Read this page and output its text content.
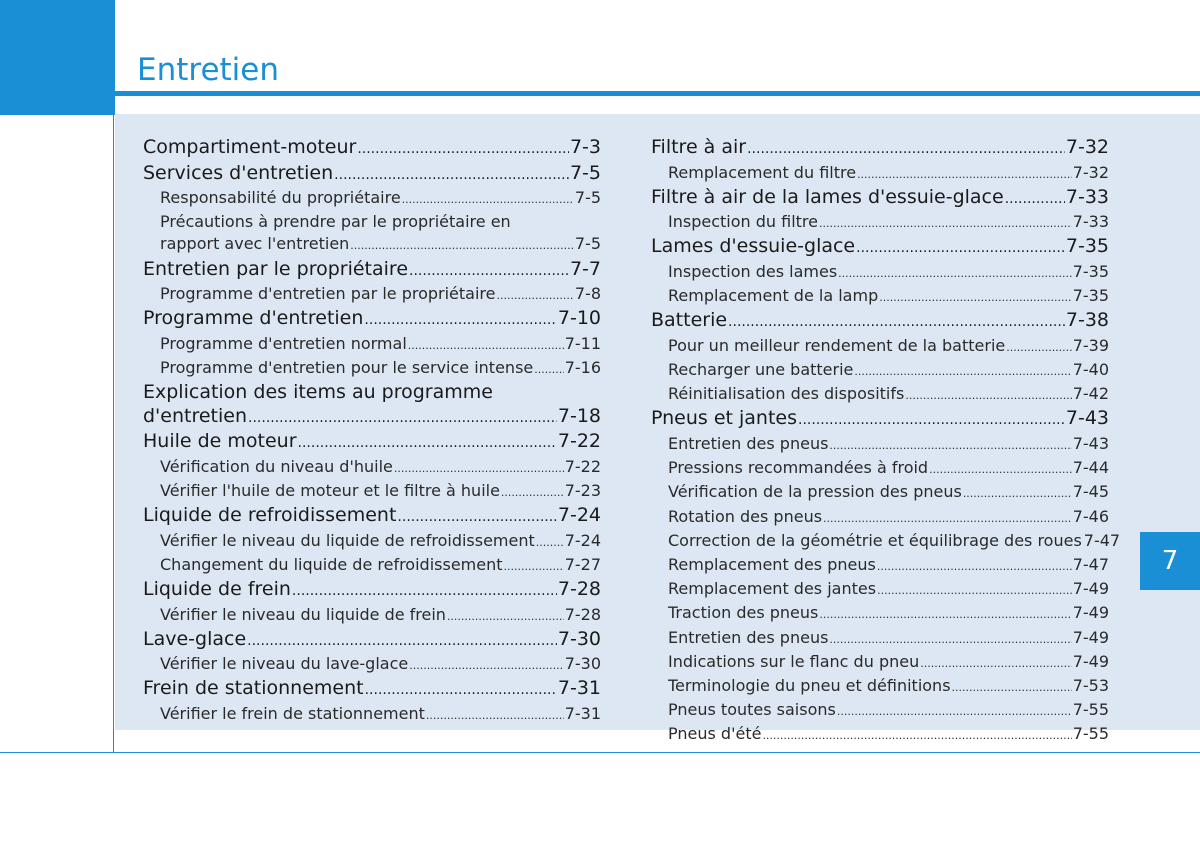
Entretien
7
Compartiment-moteur .....	7-3
Services d'entretien .....	7-5
Responsabilité du propriétaire .....	7-5
Précautions à prendre par le propriétaire en
rapport avec l'entretien .....	7-5
Entretien par le propriétaire .....	7-7
Programme d'entretien par le propriétaire .....	7-8
Programme d'entretien .....	7-10
Programme d'entretien normal .....	7-11
Programme d'entretien pour le service intense ..... 7-16
Explication des items au programme
d'entretien .....	7-18
Huile de moteur .....	7-22
Vérification du niveau d'huile .....	7-22
Vérifier l'huile de moteur et le filtre à huile .....	7-23
Liquide de refroidissement .....	7-24
Vérifier le niveau du liquide de refroidissement ..... 7-24
Changement du liquide de refroidissement .....	7-27
Liquide de frein .....	7-28
Vérifier le niveau du liquide de frein .....	7-28
Lave-glace .....	7-30
Vérifier le niveau du lave-glace .....	7-30
Frein de stationnement .....	7-31
Vérifier le frein de stationnement .....	7-31
Filtre à air .....	7-32
Remplacement du filtre .....	7-32
Filtre à air de la lames d'essuie-glace .....	7-33
Inspection du filtre .....	7-33
Lames d'essuie-glace .....	7-35
Inspection des lames .....	7-35
Remplacement de la lamp .....	7-35
Batterie .....	7-38
Pour un meilleur rendement de la batterie .....	7-39
Recharger une batterie .....	7-40
Réinitialisation des dispositifs .....	7-42
Pneus et jantes .....	7-43
Entretien des pneus .....	7-43
Pressions recommandées à froid .....	7-44
Vérification de la pression des pneus .....	7-45
Rotation des pneus .....	7-46
Correction de la géométrie et équilibrage des roues 7-47
Remplacement des pneus .....	7-47
Remplacement des jantes .....	7-49
Traction des pneus .....	7-49
Entretien des pneus .....	7-49
Indications sur le flanc du pneu .....	7-49
Terminologie du pneu et définitions .....	7-53
Pneus toutes saisons .....	7-55
Pneus d'été .....	7-55
